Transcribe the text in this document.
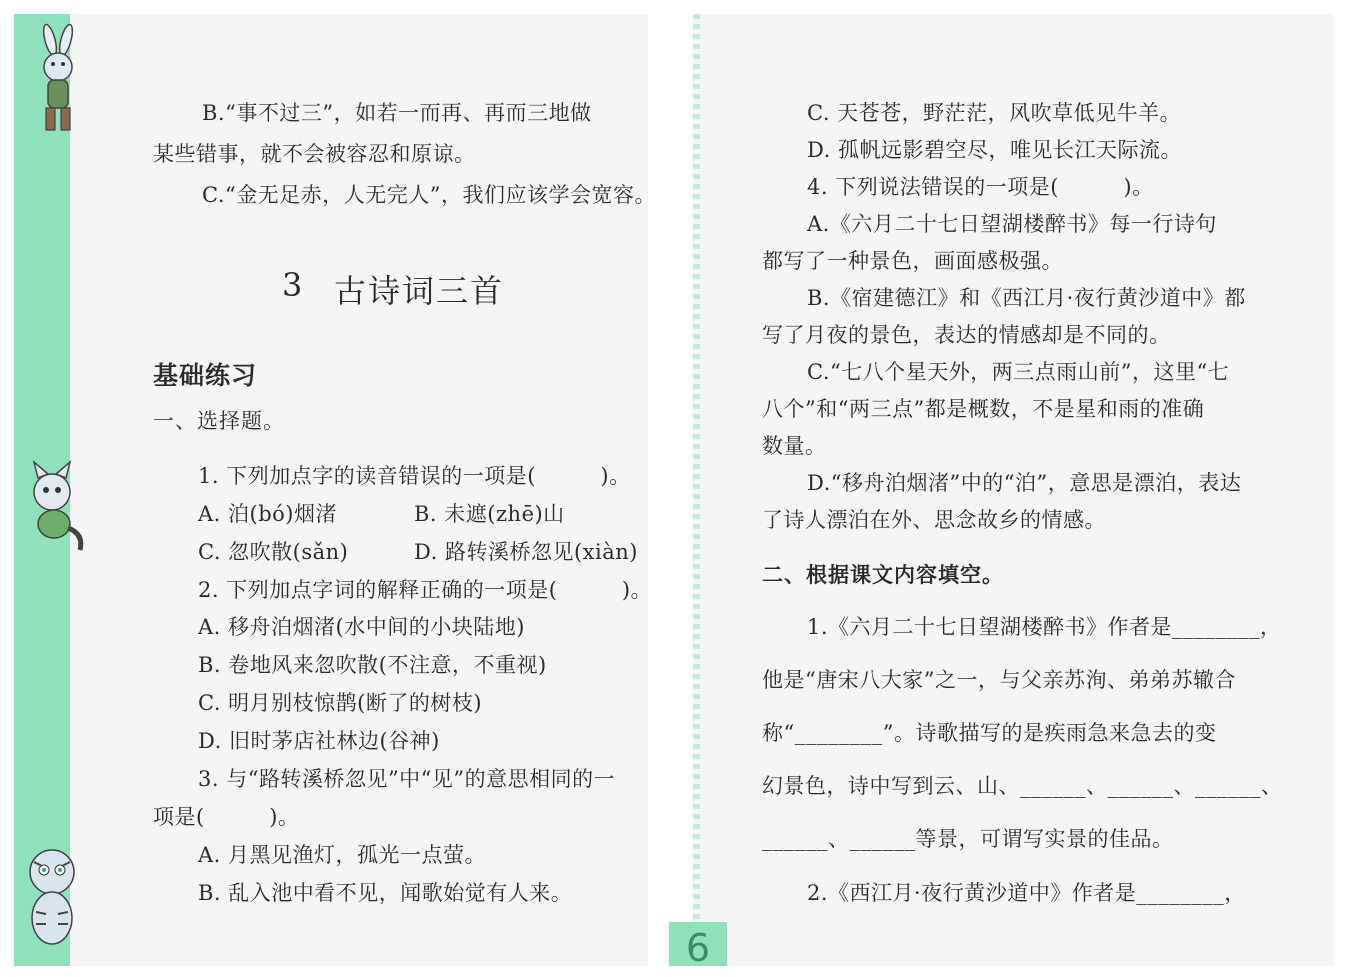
B.“事不过三”，如若一而再、再而三地做
某些错事，就不会被容忍和原谅。
C.“金无足赤，人无完人”，我们应该学会宽容。
3 古诗词三首
基础练习
一、选择题。
1. 下列加点字的读音错误的一项是(　　　)。
A. 泊(bó)烟渚	B. 未遮(zhē)山
C. 忽吹散(sǎn)	D. 路转溪桥忽见(xiàn)
2. 下列加点字词的解释正确的一项是(　　　)。
A. 移舟泊烟渚(水中间的小块陆地)
B. 卷地风来忽吹散(不注意，不重视)
C. 明月别枝惊鹊(断了的树枝)
D. 旧时茅店社林边(谷神)
3. 与“路转溪桥忽见”中“见”的意思相同的一
项是(　　　)。
A. 月黑见渔灯，孤光一点萤。
B. 乱入池中看不见，闻歌始觉有人来。
C. 天苍苍，野茫茫，风吹草低见牛羊。
D. 孤帆远影碧空尽，唯见长江天际流。
4. 下列说法错误的一项是(　　　)。
A.《六月二十七日望湖楼醉书》每一行诗句
都写了一种景色，画面感极强。
B.《宿建德江》和《西江月·夜行黄沙道中》都
写了月夜的景色，表达的情感却是不同的。
C.“七八个星天外，两三点雨山前”，这里“七
八个”和“两三点”都是概数，不是星和雨的准确
数量。
D.“移舟泊烟渚”中的“泊”，意思是漂泊，表达
了诗人漂泊在外、思念故乡的情感。
二、根据课文内容填空。
1.《六月二十七日望湖楼醉书》作者是________，
他是“唐宋八大家”之一，与父亲苏洵、弟弟苏辙合
称“________”。诗歌描写的是疾雨急来急去的变
幻景色，诗中写到云、山、______、______、______、
______、______等景，可谓写实景的佳品。
2.《西江月·夜行黄沙道中》作者是________，
6
